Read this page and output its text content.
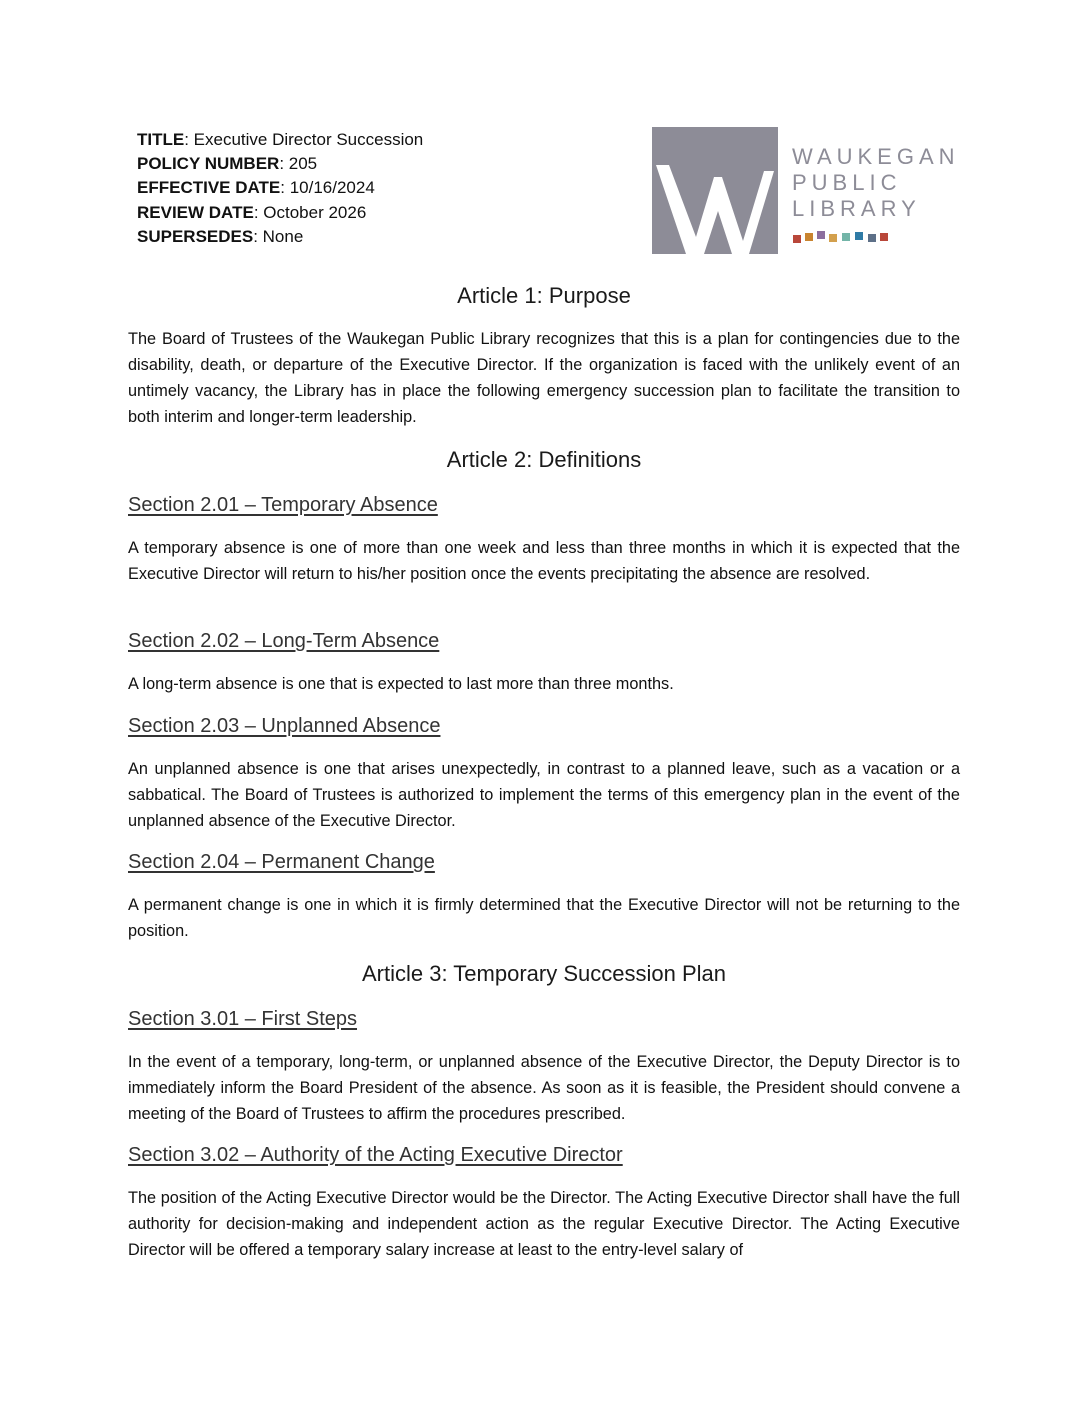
TITLE: Executive Director Succession
POLICY NUMBER: 205
EFFECTIVE DATE: 10/16/2024
REVIEW DATE: October 2026
SUPERSEDES: None
WAUKEGAN
PUBLIC
LIBRARY
Article 1: Purpose
The Board of Trustees of the Waukegan Public Library recognizes that this is a plan for contingencies due to the disability, death, or departure of the Executive Director. If the organization is faced with the unlikely event of an untimely vacancy, the Library has in place the following emergency succession plan to facilitate the transition to both interim and longer-term leadership.
Article 2: Definitions
Section 2.01 – Temporary Absence
A temporary absence is one of more than one week and less than three months in which it is expected that the Executive Director will return to his/her position once the events precipitating the absence are resolved.
Section 2.02 – Long-Term Absence
A long-term absence is one that is expected to last more than three months.
Section 2.03 – Unplanned Absence
An unplanned absence is one that arises unexpectedly, in contrast to a planned leave, such as a vacation or a sabbatical. The Board of Trustees is authorized to implement the terms of this emergency plan in the event of the unplanned absence of the Executive Director.
Section 2.04 – Permanent Change
A permanent change is one in which it is firmly determined that the Executive Director will not be returning to the position.
Article 3: Temporary Succession Plan
Section 3.01 – First Steps
In the event of a temporary, long-term, or unplanned absence of the Executive Director, the Deputy Director is to immediately inform the Board President of the absence. As soon as it is feasible, the President should convene a meeting of the Board of Trustees to affirm the procedures prescribed.
Section 3.02 – Authority of the Acting Executive Director
The position of the Acting Executive Director would be the Director. The Acting Executive Director shall have the full authority for decision-making and independent action as the regular Executive Director. The Acting Executive Director will be offered a temporary salary increase at least to the entry-level salary of
